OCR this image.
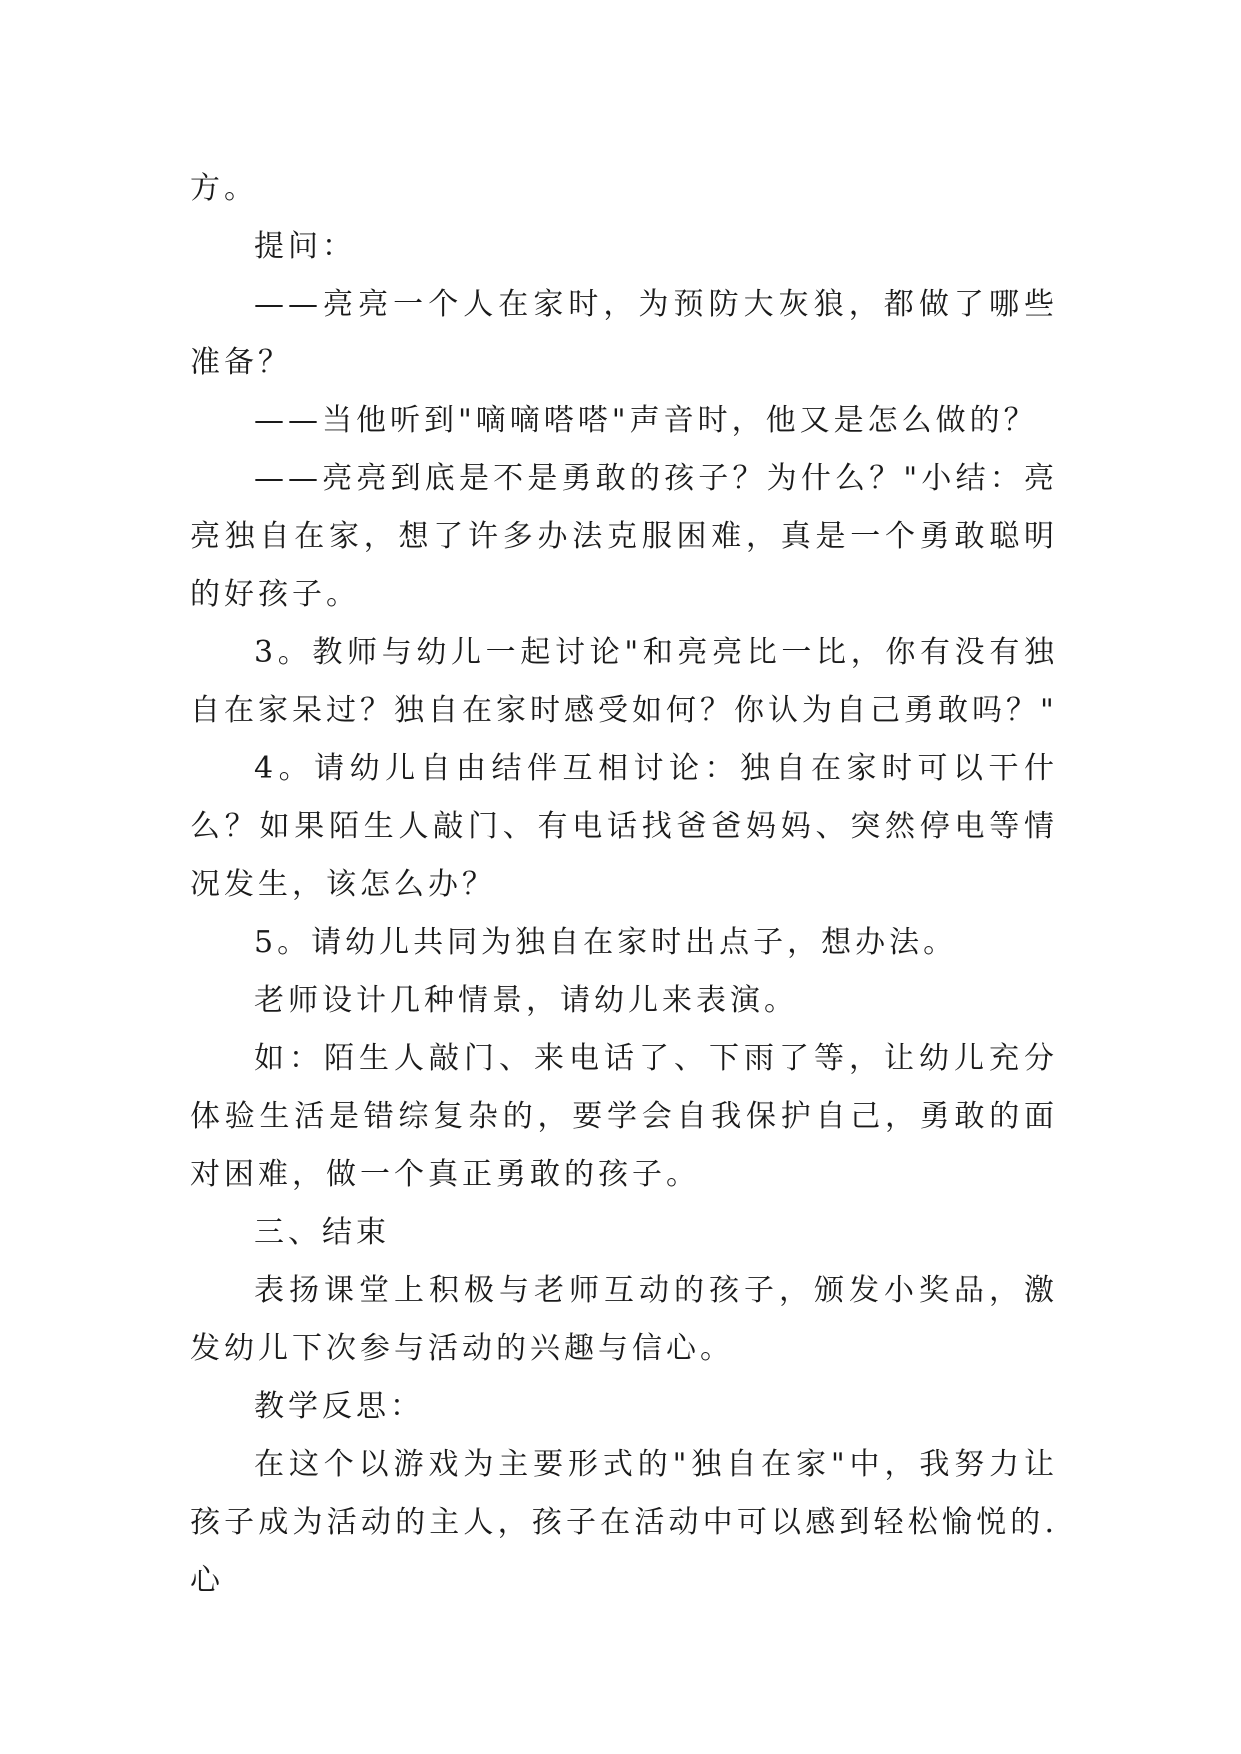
方。

提问：

——亮亮一个人在家时，为预防大灰狼，都做了哪些准备？

——当他听到"嘀嘀嗒嗒"声音时，他又是怎么做的？

——亮亮到底是不是勇敢的孩子？为什么？"小结：亮亮独自在家，想了许多办法克服困难，真是一个勇敢聪明的好孩子。

3。教师与幼儿一起讨论"和亮亮比一比，你有没有独自在家呆过？独自在家时感受如何？你认为自己勇敢吗？"

4。请幼儿自由结伴互相讨论：独自在家时可以干什么？如果陌生人敲门、有电话找爸爸妈妈、突然停电等情况发生，该怎么办？

5。请幼儿共同为独自在家时出点子，想办法。

老师设计几种情景，请幼儿来表演。

如：陌生人敲门、来电话了、下雨了等，让幼儿充分体验生活是错综复杂的，要学会自我保护自己，勇敢的面对困难，做一个真正勇敢的孩子。

三、结束

表扬课堂上积极与老师互动的孩子，颁发小奖品，激发幼儿下次参与活动的兴趣与信心。

教学反思：

在这个以游戏为主要形式的"独自在家"中，我努力让孩子成为活动的主人，孩子在活动中可以感到轻松愉悦的.心
